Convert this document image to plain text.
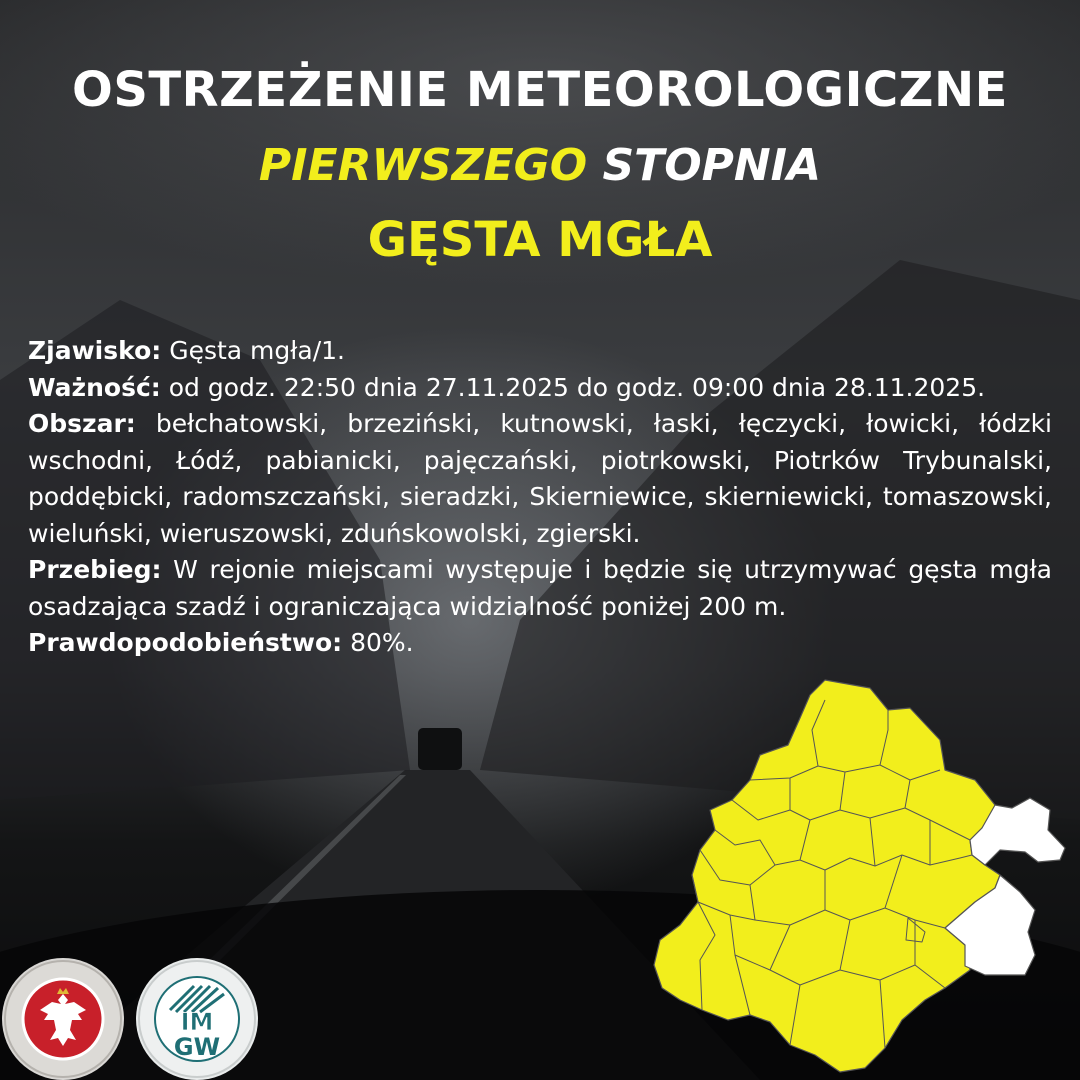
OSTRZEŻENIE METEOROLOGICZNE
PIERWSZEGO STOPNIA
GĘSTA MGŁA

Zjawisko: Gęsta mgła/1.

Ważność: od godz. 22:50 dnia 27.11.2025 do godz. 09:00 dnia 28.11.2025.

Obszar: bełchatowski, brzeziński, kutnowski, łaski, łęczycki, łowicki, łódzki wschodni, Łódź, pabianicki, pajęczański, piotrkowski, Piotrków Trybunalski, poddębicki, radomszczański, sieradzki, Skierniewice, skierniewicki, tomaszowski, wieluński, wieruszowski, zduńskowolski, zgierski.

Przebieg: W rejonie miejscami występuje i będzie się utrzymywać gęsta mgła osadzająca szadź i ograniczająca widzialność poniżej 200 m.

Prawdopodobieństwo: 80%.

IM
GW
